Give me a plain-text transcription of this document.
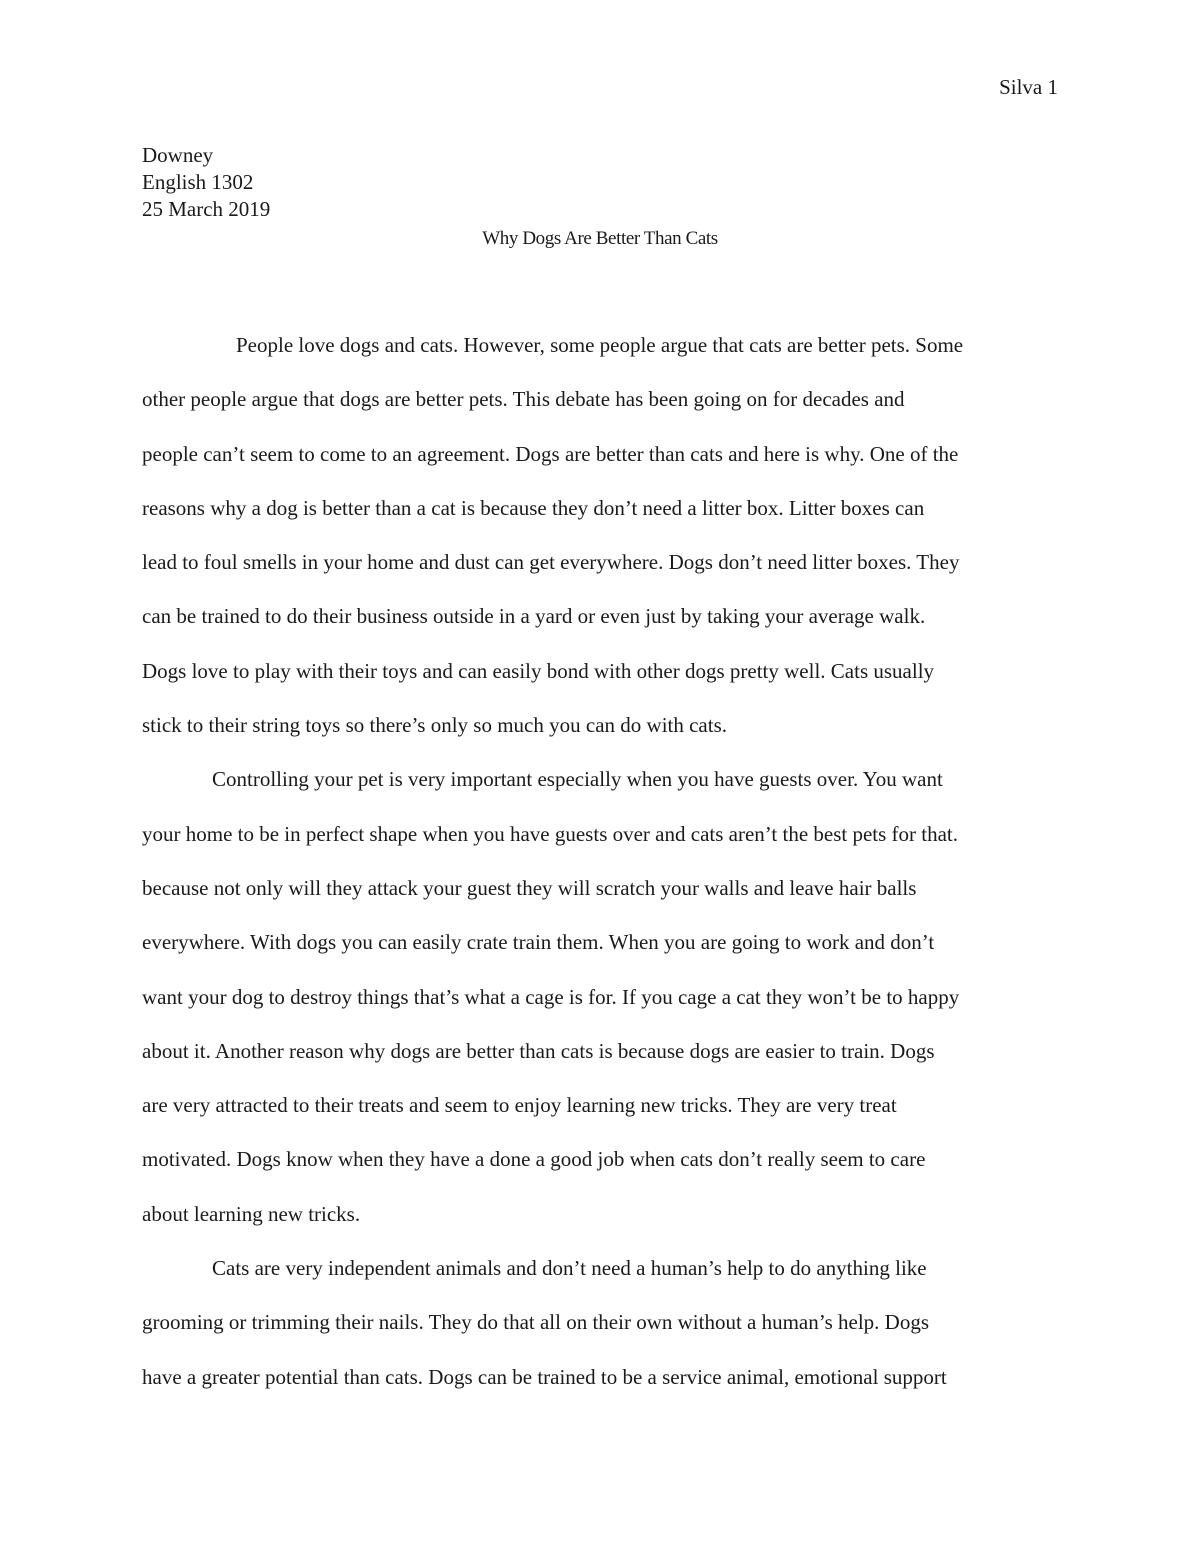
Silva 1
Downey
English 1302
25 March 2019
Why Dogs Are Better Than Cats
People love dogs and cats. However, some people argue that cats are better pets. Some
other people argue that dogs are better pets. This debate has been going on for decades and
people can’t seem to come to an agreement. Dogs are better than cats and here is why. One of the
reasons why a dog is better than a cat is because they don’t need a litter box. Litter boxes can
lead to foul smells in your home and dust can get everywhere. Dogs don’t need litter boxes. They
can be trained to do their business outside in a yard or even just by taking your average walk.
Dogs love to play with their toys and can easily bond with other dogs pretty well. Cats usually
stick to their string toys so there’s only so much you can do with cats.
Controlling your pet is very important especially when you have guests over. You want
your home to be in perfect shape when you have guests over and cats aren’t the best pets for that.
because not only will they attack your guest they will scratch your walls and leave hair balls
everywhere. With dogs you can easily crate train them. When you are going to work and don’t
want your dog to destroy things that’s what a cage is for. If you cage a cat they won’t be to happy
about it. Another reason why dogs are better than cats is because dogs are easier to train. Dogs
are very attracted to their treats and seem to enjoy learning new tricks. They are very treat
motivated. Dogs know when they have a done a good job when cats don’t really seem to care
about learning new tricks.
Cats are very independent animals and don’t need a human’s help to do anything like
grooming or trimming their nails. They do that all on their own without a human’s help. Dogs
have a greater potential than cats. Dogs can be trained to be a service animal, emotional support
